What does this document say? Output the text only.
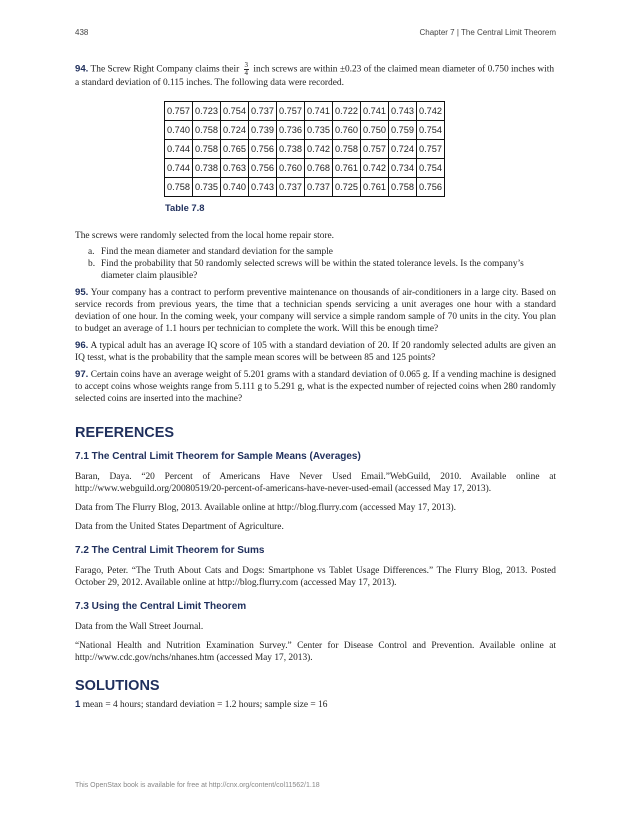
438	Chapter 7 | The Central Limit Theorem

94. The Screw Right Company claims their $\frac{3}{4}$ inch screws are within ±0.23 of the claimed mean diameter of 0.750 inches with a standard deviation of 0.115 inches. The following data were recorded.

0.757	0.723	0.754	0.737	0.757	0.741	0.722	0.741	0.743	0.742
0.740	0.758	0.724	0.739	0.736	0.735	0.760	0.750	0.759	0.754
0.744	0.758	0.765	0.756	0.738	0.742	0.758	0.757	0.724	0.757
0.744	0.738	0.763	0.756	0.760	0.768	0.761	0.742	0.734	0.754
0.758	0.735	0.740	0.743	0.737	0.737	0.725	0.761	0.758	0.756
Table 7.8

The screws were randomly selected from the local home repair store.

a. Find the mean diameter and standard deviation for the sample
b. Find the probability that 50 randomly selected screws will be within the stated tolerance levels. Is the company’s diameter claim plausible?

95. Your company has a contract to perform preventive maintenance on thousands of air-conditioners in a large city. Based on service records from previous years, the time that a technician spends servicing a unit averages one hour with a standard deviation of one hour. In the coming week, your company will service a simple random sample of 70 units in the city. You plan to budget an average of 1.1 hours per technician to complete the work. Will this be enough time?

96. A typical adult has an average IQ score of 105 with a standard deviation of 20. If 20 randomly selected adults are given an IQ tesst, what is the probability that the sample mean scores will be between 85 and 125 points?

97. Certain coins have an average weight of 5.201 grams with a standard deviation of 0.065 g. If a vending machine is designed to accept coins whose weights range from 5.111 g to 5.291 g, what is the expected number of rejected coins when 280 randomly selected coins are inserted into the machine?

REFERENCES
7.1 The Central Limit Theorem for Sample Means (Averages)

Baran, Daya. “20 Percent of Americans Have Never Used Email.”WebGuild, 2010. Available online at http://www.webguild.org/20080519/20-percent-of-americans-have-never-used-email (accessed May 17, 2013).

Data from The Flurry Blog, 2013. Available online at http://blog.flurry.com (accessed May 17, 2013).

Data from the United States Department of Agriculture.

7.2 The Central Limit Theorem for Sums

Farago, Peter. “The Truth About Cats and Dogs: Smartphone vs Tablet Usage Differences.” The Flurry Blog, 2013. Posted October 29, 2012. Available online at http://blog.flurry.com (accessed May 17, 2013).

7.3 Using the Central Limit Theorem

Data from the Wall Street Journal.

“National Health and Nutrition Examination Survey.” Center for Disease Control and Prevention. Available online at http://www.cdc.gov/nchs/nhanes.htm (accessed May 17, 2013).

SOLUTIONS

1 mean = 4 hours; standard deviation = 1.2 hours; sample size = 16

This OpenStax book is available for free at http://cnx.org/content/col11562/1.18
